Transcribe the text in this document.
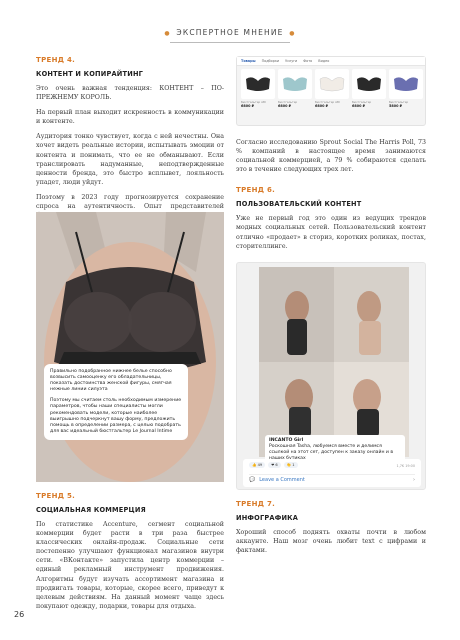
● ЭКСПЕРТНОЕ МНЕНИЕ ●
ТРЕНД 4.
КОНТЕНТ И КОПИРАЙТИНГ

Это очень важная тенденция: КОНТЕНТ – ПО-ПРЕЖНЕМУ КОРОЛЬ.

На первый план выходит искренность в коммуникации и контенте.

Аудитория тонко чувствует, когда с ней нечестны. Она хочет видеть реальные истории, испытывать эмоции от контента и понимать, что ее не обманывают. Если транслировать надуманные, неподтвержденные ценности бренда, это быстро всплывет, лояльность упадет, люди уйдут.

Поэтому в 2023 году прогнозируется сохранение спроса на аутентичность. Опыт представителей

Правильно подобранное нижнее белье способно возвысить самооценку его обладательницы, показать достоинства женской фигуры, смягчая нежные линии силуэта

Поэтому мы считаем столь необходимым измерение параметров, чтобы наши специалисты могли рекомендовать модели, которые наиболее выигрышно подчеркнут вашу форму, предложить помощь в определении размера, с целью подобрать для вас идеальный бюстгальтер Le Journal Intime

ТРЕНД 5.
СОЦИАЛЬНАЯ КОММЕРЦИЯ

По статистике Accenture, сегмент социальной коммерции будет расти в три раза быстрее классических онлайн-продаж. Социальные сети постепенно улучшают функционал магазинов внутри сети. «ВКонтакте» запустила центр коммерции – единый рекламный инструмент продвижения. Алгоритмы будут изучать ассортимент магазина и продвигать товары, которые, скорее всего, приведут к целевым действиям. На данный момент чаще здесь покупают одежду, подарки, товары для отдыха.

Товары Подборки Услуги Фото Видео
Бюстгальтер ABI
6800 ₽
Бюстгальтер
6800 ₽
Бюстгальтер ABI
6800 ₽
Бюстгальтер
6800 ₽
Бюстгальтер
5800 ₽

Согласно исследованию Sprout Social The Harris Poll, 73 % компаний в настоящее время занимаются социальной коммерцией, а 79 % собираются сделать это в течение следующих трех лет.

ТРЕНД 6.
ПОЛЬЗОВАТЕЛЬСКИЙ КОНТЕНТ

Уже не первый год это один из ведущих трендов модных социальных сетей. Пользовательский контент отлично «продает» в сториз, коротких роликах, постах, сторителлинге.

INCANTO Girl
Роскошная Tasha, любуемся вместе и делимся ссылкой на этот сет, доступен к заказу онлайн и в
👍 49	❤ 6	👏 1	1,7K 19:00
💬 Leave a Comment	›
ТРЕНД 7.
ИНФОГРАФИКА

Хороший способ поднять охваты почти в любом аккаунте. Наш мозг очень любит text с цифрами и фактами.

26
